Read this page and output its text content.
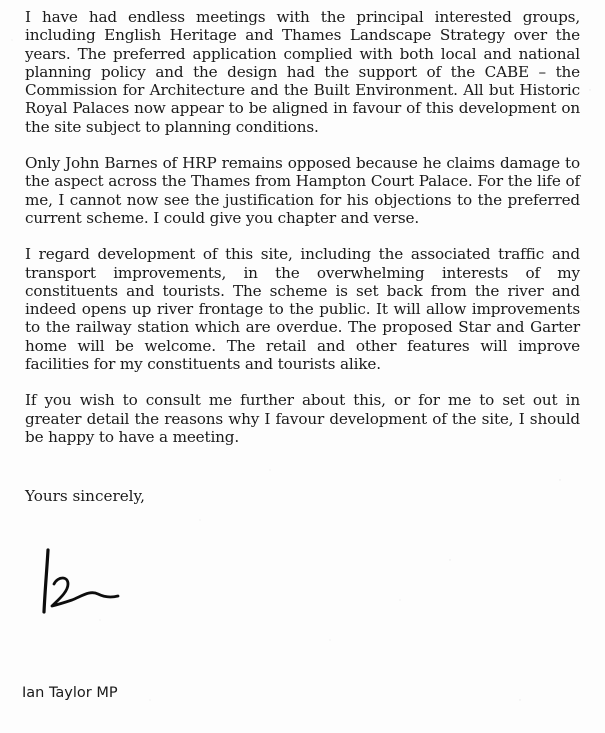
I have had endless meetings with the principal interested groups, including English Heritage and Thames Landscape Strategy over the years. The preferred application complied with both local and national planning policy and the design had the support of the CABE – the Commission for Architecture and the Built Environment. All but Historic Royal Palaces now appear to be aligned in favour of this development on the site subject to planning conditions.

Only John Barnes of HRP remains opposed because he claims damage to the aspect across the Thames from Hampton Court Palace. For the life of me, I cannot now see the justification for his objections to the preferred current scheme. I could give you chapter and verse.

I regard development of this site, including the associated traffic and transport improvements, in the overwhelming interests of my constituents and tourists. The scheme is set back from the river and indeed opens up river frontage to the public. It will allow improvements to the railway station which are overdue. The proposed Star and Garter home will be welcome. The retail and other features will improve facilities for my constituents and tourists alike.

If you wish to consult me further about this, or for me to set out in greater detail the reasons why I favour development of the site, I should be happy to have a meeting.

Yours sincerely,
Ian Taylor MP
